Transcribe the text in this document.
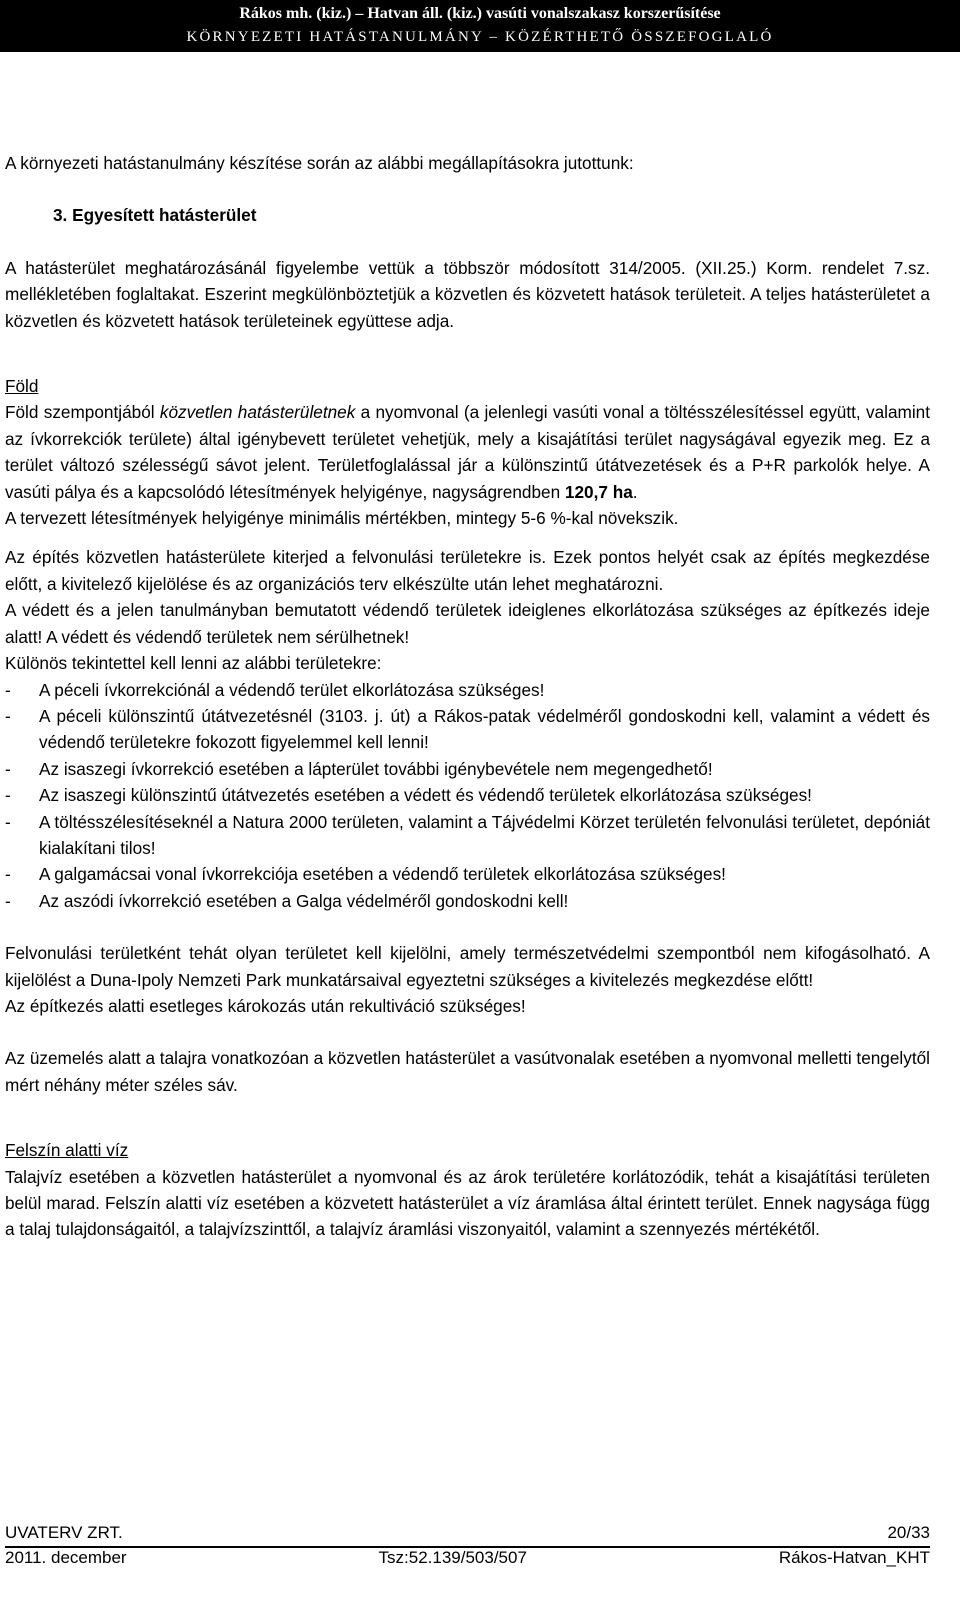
Rákos mh. (kiz.) – Hatvan áll. (kiz.) vasúti vonalszakasz korszerűsítése
KÖRNYEZETI HATÁSTANULMÁNY – KÖZÉRTHETŐ ÖSSZEFOGLALÓ

A környezeti hatástanulmány készítése során az alábbi megállapításokra jutottunk:

3. Egyesített hatásterület

A hatásterület meghatározásánál figyelembe vettük a többször módosított 314/2005. (XII.25.) Korm. rendelet 7.sz. mellékletében foglaltakat. Eszerint megkülönböztetjük a közvetlen és közvetett hatások területeit. A teljes hatásterületet a közvetlen és közvetett hatások területeinek együttese adja.

Föld

Föld szempontjából közvetlen hatásterületnek a nyomvonal (a jelenlegi vasúti vonal a töltésszélesítéssel együtt, valamint az ívkorrekciók területe) által igénybevett területet vehetjük, mely a kisajátítási terület nagyságával egyezik meg. Ez a terület változó szélességű sávot jelent. Területfoglalással jár a különszintű útátvezetések és a P+R parkolók helye. A vasúti pálya és a kapcsolódó létesítmények helyigénye, nagyságrendben 120,7 ha.

A tervezett létesítmények helyigénye minimális mértékben, mintegy 5-6 %-kal növekszik.

Az építés közvetlen hatásterülete kiterjed a felvonulási területekre is. Ezek pontos helyét csak az építés megkezdése előtt, a kivitelező kijelölése és az organizációs terv elkészülte után lehet meghatározni.

A védett és a jelen tanulmányban bemutatott védendő területek ideiglenes elkorlátozása szükséges az építkezés ideje alatt! A védett és védendő területek nem sérülhetnek!

Különös tekintettel kell lenni az alábbi területekre:

-	A péceli ívkorrekciónál a védendő terület elkorlátozása szükséges!
-	A péceli különszintű útátvezetésnél (3103. j. út) a Rákos-patak védelméről gondoskodni kell, valamint a védett és védendő területekre fokozott figyelemmel kell lenni!
-	Az isaszegi ívkorrekció esetében a lápterület további igénybevétele nem megengedhető!
-	Az isaszegi különszintű útátvezetés esetében a védett és védendő területek elkorlátozása szükséges!
-	A töltésszélesítéseknél a Natura 2000 területen, valamint a Tájvédelmi Körzet területén felvonulási területet, depóniát kialakítani tilos!
-	A galgamácsai vonal ívkorrekciója esetében a védendő területek elkorlátozása szükséges!
-	Az aszódi ívkorrekció esetében a Galga védelméről gondoskodni kell!

Felvonulási területként tehát olyan területet kell kijelölni, amely természetvédelmi szempontból nem kifogásolható. A kijelölést a Duna-Ipoly Nemzeti Park munkatársaival egyeztetni szükséges a kivitelezés megkezdése előtt!

Az építkezés alatti esetleges károkozás után rekultiváció szükséges!

Az üzemelés alatt a talajra vonatkozóan a közvetlen hatásterület a vasútvonalak esetében a nyomvonal melletti tengelytől mért néhány méter széles sáv.

Felszín alatti víz

Talajvíz esetében a közvetlen hatásterület a nyomvonal és az árok területére korlátozódik, tehát a kisajátítási területen belül marad. Felszín alatti víz esetében a közvetett hatásterület a víz áramlása által érintett terület. Ennek nagysága függ a talaj tulajdonságaitól, a talajvízszinttől, a talajvíz áramlási viszonyaitól, valamint a szennyezés mértékétől.

UVATERV ZRT.	20/33
2011. december	Tsz:52.139/503/507	Rákos-Hatvan_KHT
